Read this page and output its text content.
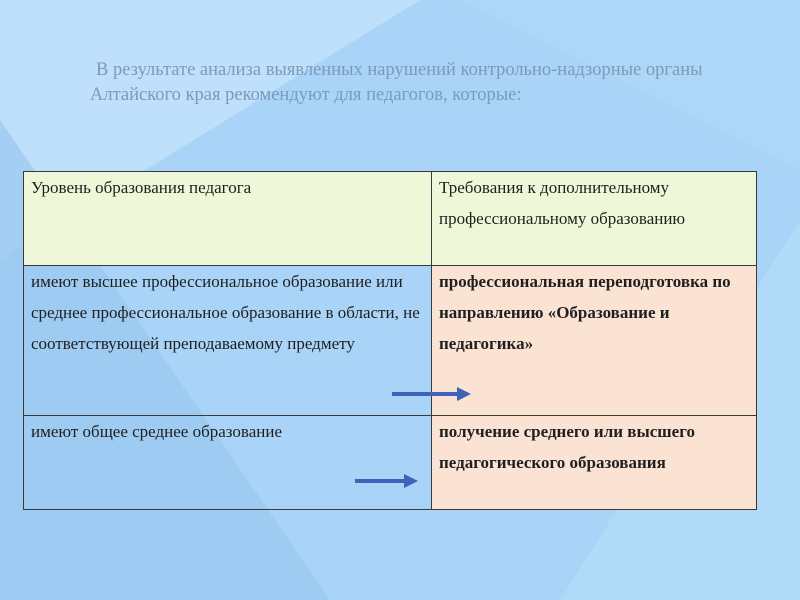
В результате анализа выявленных нарушений контрольно-надзорные органы Алтайского края рекомендуют для педагогов, которые:
Уровень образования педагога	Требования к дополнительному профессиональному образованию
имеют высшее профессиональное образование или среднее профессиональное образование в области, не соответствующей преподаваемому предмету	профессиональная переподготовка по направлению «Образование и педагогика»
имеют общее среднее образование	получение среднего или высшего педагогического образования
